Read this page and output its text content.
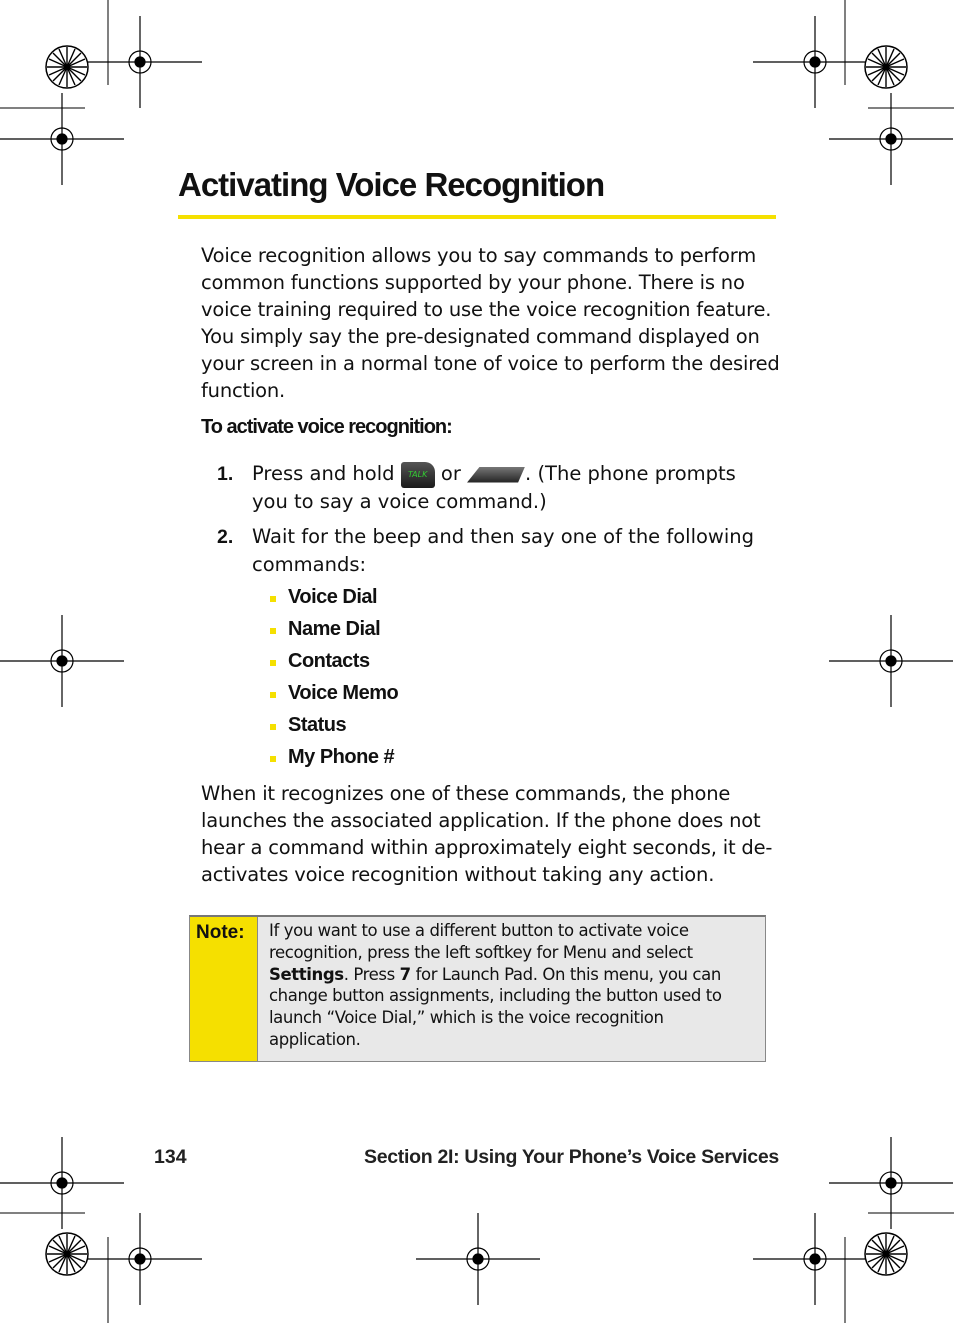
Activating Voice Recognition

Voice recognition allows you to say commands to perform common functions supported by your phone. There is no voice training required to use the voice recognition feature. You simply say the pre-designated command displayed on your screen in a normal tone of voice to perform the desired function.

To activate voice recognition:
1. Press and hold TALK or	. (The phone prompts you to say a voice command.)
2. Wait for the beep and then say one of the following commands:
Voice Dial
Name Dial
Contacts
Voice Memo
Status
My Phone #

When it recognizes one of these commands, the phone launches the associated application. If the phone does not hear a command within approximately eight seconds, it de-activates voice recognition without taking any action.

Note:	If you want to use a different button to activate voice recognition, press the left softkey for Menu and select Settings. Press 7 for Launch Pad. On this menu, you can change button assignments, including the button used to launch “Voice Dial,” which is the voice recognition application.
134	Section 2I: Using Your Phone’s Voice Services
